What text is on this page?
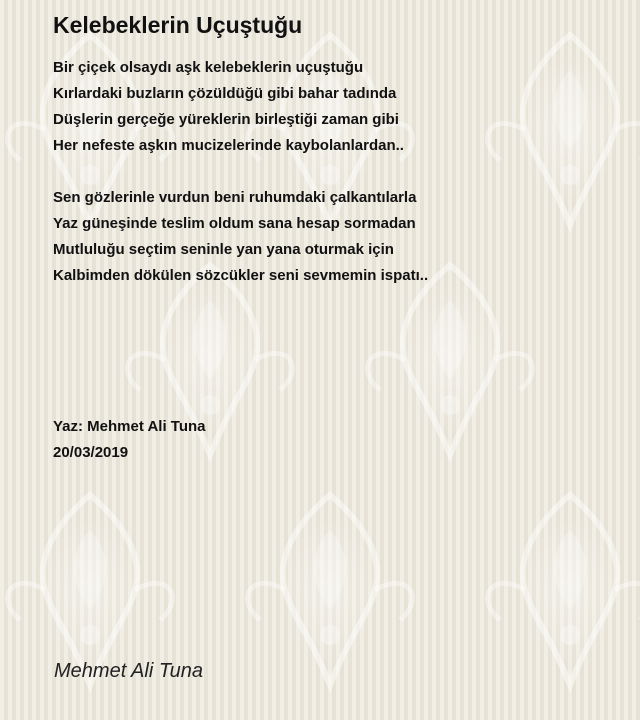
Kelebeklerin Uçuştuğu
Bir çiçek olsaydı aşk kelebeklerin uçuştuğu
Kırlardaki buzların çözüldüğü gibi bahar tadında
Düşlerin gerçeğe yüreklerin birleştiği zaman gibi
Her nefeste aşkın mucizelerinde kaybolanlardan..
Sen gözlerinle vurdun beni ruhumdaki çalkantılarla
Yaz güneşinde teslim oldum sana hesap sormadan
Mutluluğu seçtim seninle yan yana oturmak için
Kalbimden dökülen sözcükler seni sevmemin ispatı..
Yaz: Mehmet Ali Tuna
20/03/2019
Mehmet Ali Tuna
